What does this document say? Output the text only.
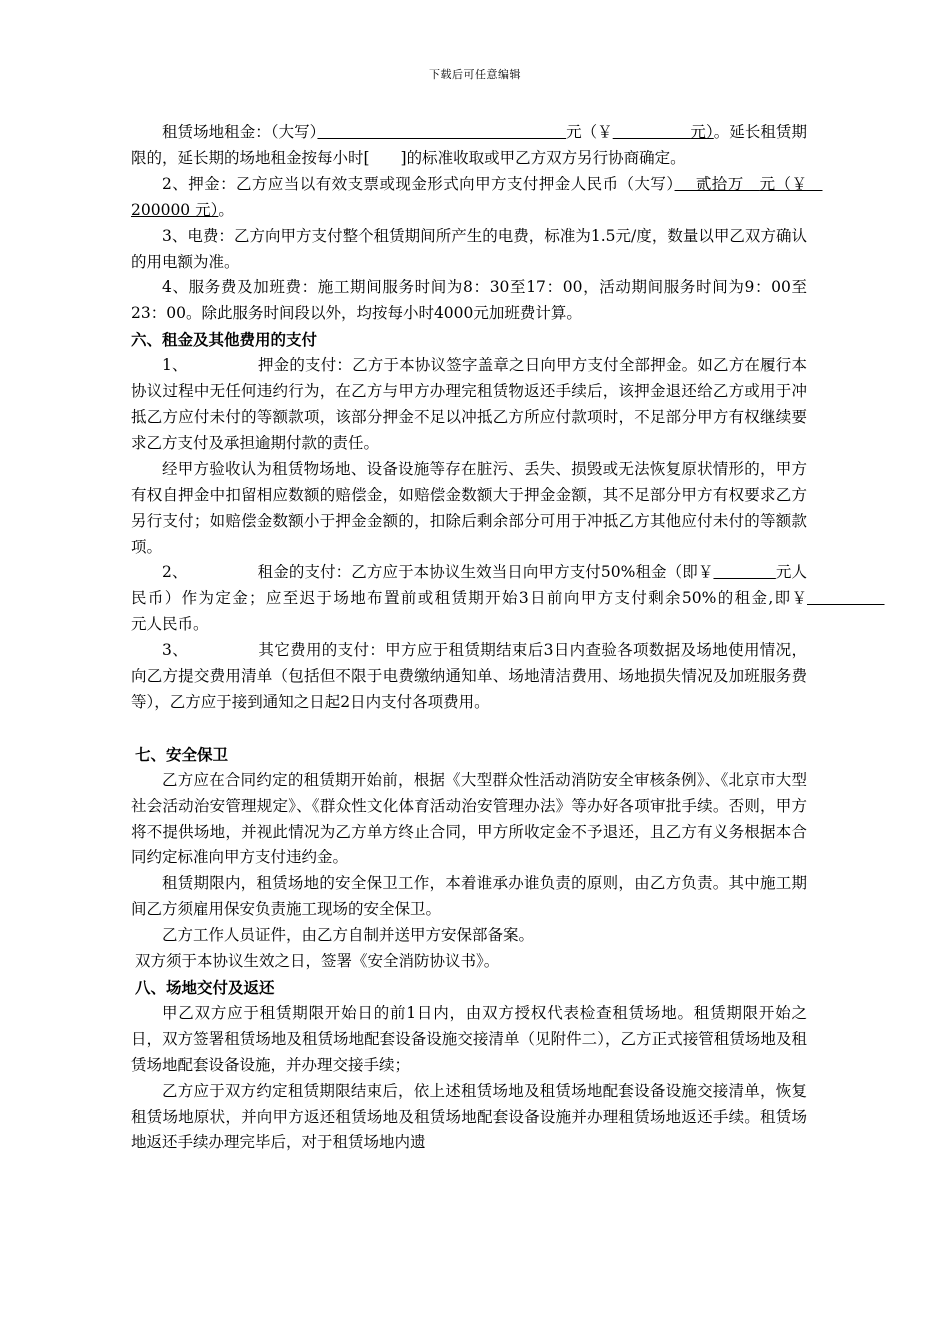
下载后可任意编辑

租赁场地租金：（大写）　　　　　　　　　　　　　　　　	元（￥　　　　　	元）。延长租赁期限的，延长期的场地租金按每小时[　　]的标准收取或甲乙方双方另行协商确定。

2、押金：乙方应当以有效支票或现金形式向甲方支付押金人民币（大写）　 贰拾万　元（￥　200000 元）。

3、电费：乙方向甲方支付整个租赁期间所产生的电费，标准为1.5元/度，数量以甲乙双方确认的用电额为准。

4、服务费及加班费：施工期间服务时间为8：30至17：00，活动期间服务时间为9：00至23：00。除此服务时间段以外，均按每小时4000元加班费计算。

六、租金及其他费用的支付

1、	押金的支付：乙方于本协议签字盖章之日向甲方支付全部押金。如乙方在履行本协议过程中无任何违约行为，在乙方与甲方办理完租赁物返还手续后，该押金退还给乙方或用于冲抵乙方应付未付的等额款项，该部分押金不足以冲抵乙方所应付款项时，不足部分甲方有权继续要求乙方支付及承担逾期付款的责任。

经甲方验收认为租赁物场地、设备设施等存在脏污、丢失、损毁或无法恢复原状情形的，甲方有权自押金中扣留相应数额的赔偿金，如赔偿金数额大于押金金额，其不足部分甲方有权要求乙方另行支付；如赔偿金数额小于押金金额的，扣除后剩余部分可用于冲抵乙方其他应付未付的等额款项。

2、	租金的支付：乙方应于本协议生效当日向甲方支付50%租金（即￥　　　　	元人民币）作为定金；应至迟于场地布置前或租赁期开始3日前向甲方支付剩余50%的租金,即￥　　　　　元人民币。

3、	其它费用的支付：甲方应于租赁期结束后3日内查验各项数据及场地使用情况，向乙方提交费用清单（包括但不限于电费缴纳通知单、场地清洁费用、场地损失情况及加班服务费等），乙方应于接到通知之日起2日内支付各项费用。

七、安全保卫

乙方应在合同约定的租赁期开始前，根据《大型群众性活动消防安全审核条例》、《北京市大型社会活动治安管理规定》、《群众性文化体育活动治安管理办法》等办好各项审批手续。否则，甲方将不提供场地，并视此情况为乙方单方终止合同，甲方所收定金不予退还，且乙方有义务根据本合同约定标准向甲方支付违约金。

租赁期限内，租赁场地的安全保卫工作，本着谁承办谁负责的原则，由乙方负责。其中施工期间乙方须雇用保安负责施工现场的安全保卫。

乙方工作人员证件，由乙方自制并送甲方安保部备案。

双方须于本协议生效之日，签署《安全消防协议书》。

八、场地交付及返还

甲乙双方应于租赁期限开始日的前1日内，由双方授权代表检查租赁场地。租赁期限开始之日，双方签署租赁场地及租赁场地配套设备设施交接清单（见附件二），乙方正式接管租赁场地及租赁场地配套设备设施，并办理交接手续；

乙方应于双方约定租赁期限结束后，依上述租赁场地及租赁场地配套设备设施交接清单，恢复租赁场地原状，并向甲方返还租赁场地及租赁场地配套设备设施并办理租赁场地返还手续。租赁场地返还手续办理完毕后，对于租赁场地内遗
